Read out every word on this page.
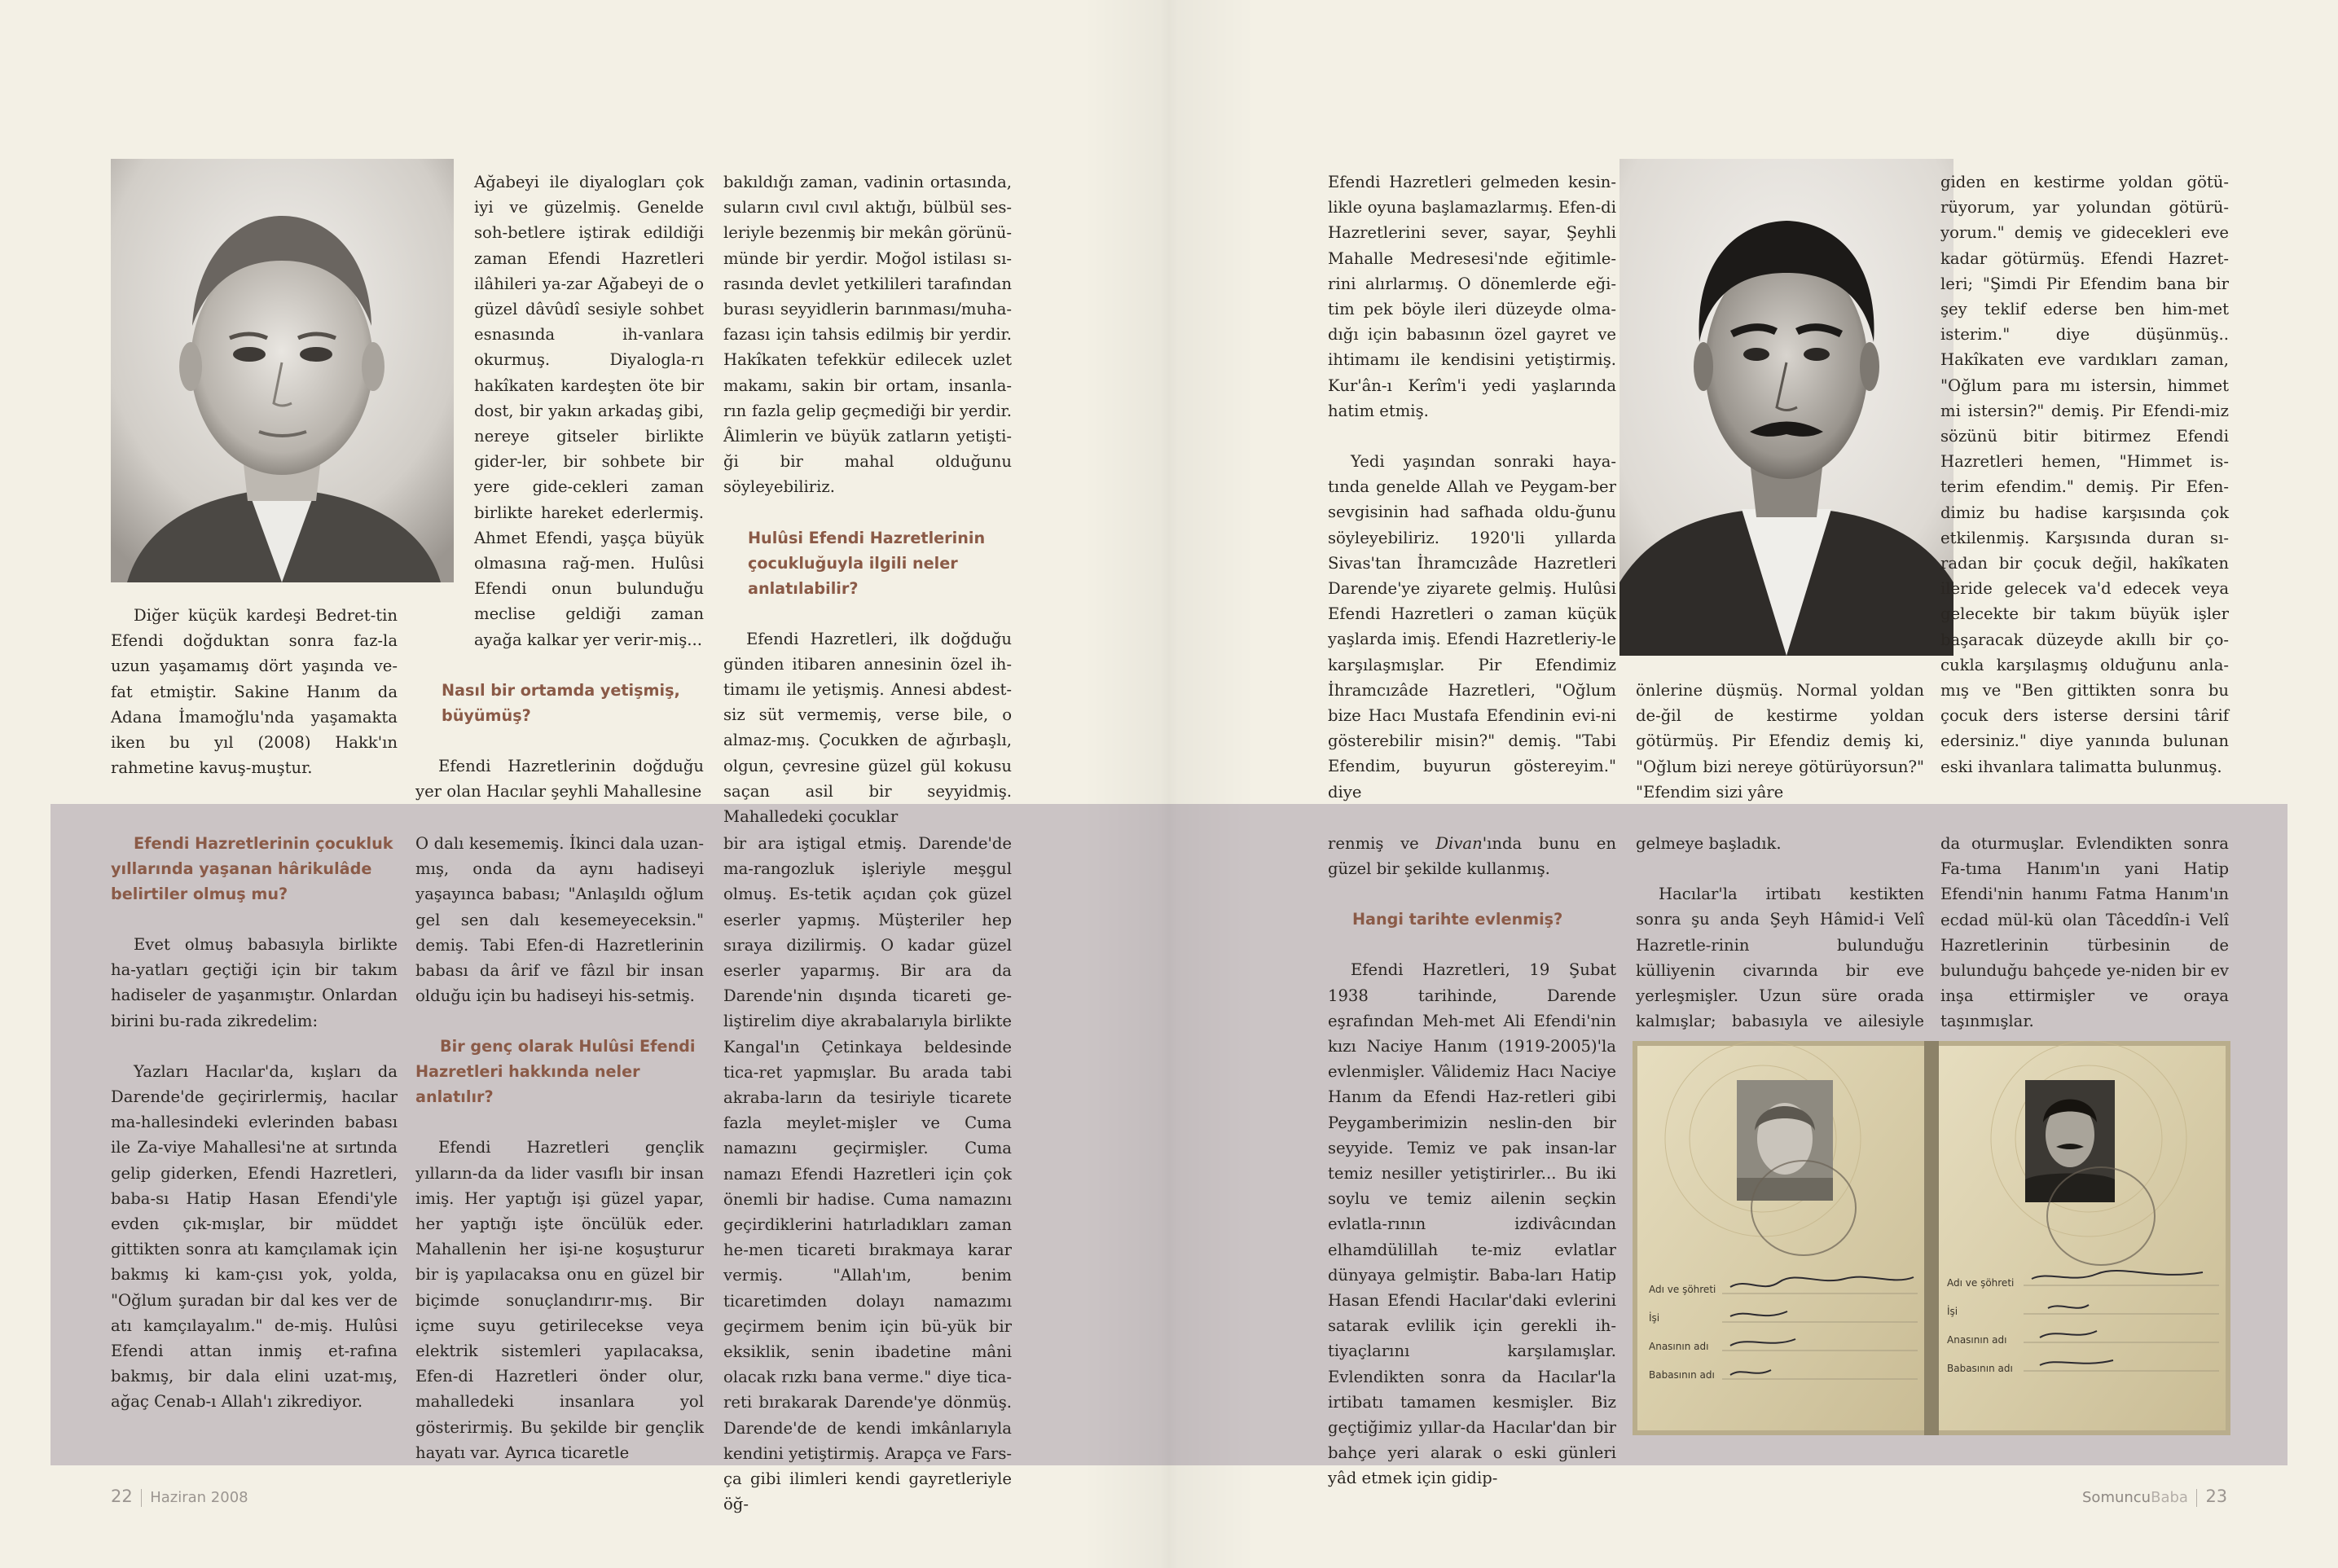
Diğer küçük kardeşi Bedret-tin Efendi doğduktan sonra faz-la uzun yaşamamış dört yaşında ve-fat etmiştir. Sakine Hanım da Adana İmamoğlu'nda yaşamakta iken bu yıl (2008) Hakk'ın rahmetine kavuş-muştur.

Ağabeyi ile diyalogları çok iyi ve güzelmiş. Genelde soh-betlere iştirak edildiği zaman Efendi Hazretleri ilâhileri ya-zar Ağabeyi de o güzel dâvûdî sesiyle sohbet esnasında ih-vanlara okurmuş. Diyalogla-rı hakîkaten kardeşten öte bir dost, bir yakın arkadaş gibi, nereye gitseler birlikte gider-ler, bir sohbete bir yere gide-cekleri zaman birlikte hareket ederlermiş. Ahmet Efendi, yaşça büyük olmasına rağ-men. Hulûsi Efendi onun bulunduğu meclise geldiği zaman ayağa kalkar yer verir-miş...

Nasıl bir ortamda yetişmiş, büyümüş?

Efendi Hazretlerinin doğduğu yer olan Hacılar şeyhli Mahallesine

bakıldığı zaman, vadinin ortasında, suların cıvıl cıvıl aktığı, bülbül ses-leriyle bezenmiş bir mekân görünü-münde bir yerdir. Moğol istilası sı-rasında devlet yetkilileri tarafından burası seyyidlerin barınması/muha-fazası için tahsis edilmiş bir yerdir. Hakîkaten tefekkür edilecek uzlet makamı, sakin bir ortam, insanla-rın fazla gelip geçmediği bir yerdir. Âlimlerin ve büyük zatların yetişti-ği bir mahal olduğunu söyleyebiliriz.

Hulûsi Efendi Hazretlerinin çocukluğuyla ilgili neler anlatılabilir?

Efendi Hazretleri, ilk doğduğu günden itibaren annesinin özel ih-timamı ile yetişmiş. Annesi abdest-siz süt vermemiş, verse bile, o almaz-mış. Çocukken de ağırbaşlı, olgun, çevresine güzel gül kokusu saçan asil bir seyyidmiş. Mahalledeki çocuklar

Efendi Hazretlerinin çocukluk yıllarında yaşanan hârikulâde belirtiler olmuş mu?

Evet olmuş babasıyla birlikte ha-yatları geçtiği için bir takım hadiseler de yaşanmıştır. Onlardan birini bu-rada zikredelim:

Yazları Hacılar'da, kışları da Darende'de geçirirlermiş, hacılar ma-hallesindeki evlerinden babası ile Za-viye Mahallesi'ne at sırtında gelip giderken, Efendi Hazretleri, baba-sı Hatip Hasan Efendi'yle evden çık-mışlar, bir müddet gittikten sonra atı kamçılamak için bakmış ki kam-çısı yok, yolda, "Oğlum şuradan bir dal kes ver de atı kamçılayalım." de-miş. Hulûsi Efendi attan inmiş et-rafına bakmış, bir dala elini uzat-mış, ağaç Cenab-ı Allah'ı zikrediyor.

O dalı kesememiş. İkinci dala uzan-mış, onda da aynı hadiseyi yaşayınca babası; "Anlaşıldı oğlum gel sen dalı kesemeyeceksin." demiş. Tabi Efen-di Hazretlerinin babası da ârif ve fâzıl bir insan olduğu için bu hadiseyi his-setmiş.

Bir genç olarak Hulûsi Efendi Hazretleri hakkında neler anlatılır?

Efendi Hazretleri gençlik yılların-da da lider vasıflı bir insan imiş. Her yaptığı işi güzel yapar, her yaptığı işte öncülük eder. Mahallenin her işi-ne koşuşturur bir iş yapılacaksa onu en güzel bir biçimde sonuçlandırır-mış. Bir içme suyu getirilecekse veya elektrik sistemleri yapılacaksa, Efen-di Hazretleri önder olur, mahalledeki insanlara yol gösterirmiş. Bu şekilde bir gençlik hayatı var. Ayrıca ticaretle

bir ara iştigal etmiş. Darende'de ma-rangozluk işleriyle meşgul olmuş. Es-tetik açıdan çok güzel eserler yapmış. Müşteriler hep sıraya dizilirmiş. O kadar güzel eserler yaparmış. Bir ara da Darende'nin dışında ticareti ge-liştirelim diye akrabalarıyla birlikte Kangal'ın Çetinkaya beldesinde tica-ret yapmışlar. Bu arada tabi akraba-ların da tesiriyle ticarete fazla meylet-mişler ve Cuma namazını geçirmişler. Cuma namazı Efendi Hazretleri için çok önemli bir hadise. Cuma namazını geçirdiklerini hatırladıkları zaman he-men ticareti bırakmaya karar vermiş. "Allah'ım, benim ticaretimden dolayı namazımı geçirmem benim için bü-yük bir eksiklik, senin ibadetine mâni olacak rızkı bana verme." diye tica-reti bırakarak Darende'ye dönmüş. Darende'de de kendi imkânlarıyla kendini yetiştirmiş. Arapça ve Fars-ça gibi ilimleri kendi gayretleriyle öğ-

Efendi Hazretleri gelmeden kesin-likle oyuna başlamazlarmış. Efen-di Hazretlerini sever, sayar, Şeyhli Mahalle Medresesi'nde eğitimle-rini alırlarmış. O dönemlerde eği-tim pek böyle ileri düzeyde olma-dığı için babasının özel gayret ve ihtimamı ile kendisini yetiştirmiş. Kur'ân-ı Kerîm'i yedi yaşlarında hatim etmiş.

Yedi yaşından sonraki haya-tında genelde Allah ve Peygam-ber sevgisinin had safhada oldu-ğunu söyleyebiliriz. 1920'li yıllarda Sivas'tan İhramcızâde Hazretleri Darende'ye ziyarete gelmiş. Hulûsi Efendi Hazretleri o zaman küçük yaşlarda imiş. Efendi Hazretleriy-le karşılaşmışlar. Pir Efendimiz İhramcızâde Hazretleri, "Oğlum bize Hacı Mustafa Efendinin evi-ni gösterebilir misin?" demiş. "Tabi Efendim, buyurun göstereyim." diye

önlerine düşmüş. Normal yoldan de-ğil de kestirme yoldan götürmüş. Pir Efendiz demiş ki, "Oğlum bizi nereye götürüyorsun?" "Efendim sizi yâre

giden en kestirme yoldan götü-rüyorum, yar yolundan götürü-yorum." demiş ve gidecekleri eve kadar götürmüş. Efendi Hazret-leri; "Şimdi Pir Efendim bana bir şey teklif ederse ben him-met isterim." diye düşünmüş.. Hakîkaten eve vardıkları zaman, "Oğlum para mı istersin, himmet mi istersin?" demiş. Pir Efendi-miz sözünü bitir bitirmez Efendi Hazretleri hemen, "Himmet is-terim efendim." demiş. Pir Efen-dimiz bu hadise karşısında çok etkilenmiş. Karşısında duran sı-radan bir çocuk değil, hakîkaten ileride gelecek va'd edecek veya gelecekte bir takım büyük işler başaracak düzeyde akıllı bir ço-cukla karşılaşmış olduğunu anla-mış ve "Ben gittikten sonra bu çocuk ders isterse dersini târif edersiniz." diye yanında bulunan eski ihvanlara talimatta bulunmuş.

renmiş ve Divan'ında bunu en güzel bir şekilde kullanmış.

Hangi tarihte evlenmiş?

Efendi Hazretleri, 19 Şubat 1938 tarihinde, Darende eşrafından Meh-met Ali Efendi'nin kızı Naciye Hanım (1919-2005)'la evlenmişler. Vâlidemiz Hacı Naciye Hanım da Efendi Haz-retleri gibi Peygamberimizin neslin-den bir seyyide. Temiz ve pak insan-lar temiz nesiller yetiştirirler... Bu iki soylu ve temiz ailenin seçkin evlatla-rının izdivâcından elhamdülillah te-miz evlatlar dünyaya gelmiştir. Baba-ları Hatip Hasan Efendi Hacılar'daki evlerini satarak evlilik için gerekli ih-tiyaçlarını karşılamışlar. Evlendikten sonra da Hacılar'la irtibatı tamamen kesmişler. Biz geçtiğimiz yıllar-da Hacılar'dan bir bahçe yeri alarak o eski günleri yâd etmek için gidip-

gelmeye başladık.

Hacılar'la irtibatı kestikten sonra şu anda Şeyh Hâmid-i Velî Hazretle-rinin bulunduğu külliyenin civarında bir eve yerleşmişler. Uzun süre orada kalmışlar; babasıyla ve ailesiyle

da oturmuşlar. Evlendikten sonra Fa-tıma Hanım'ın yani Hatip Efendi'nin hanımı Fatma Hanım'ın ecdad mül-kü olan Tâceddîn-i Velî Hazretlerinin türbesinin de bulunduğu bahçede ye-niden bir ev inşa ettirmişler ve oraya taşınmışlar.

Adı ve şöhreti
İşi
Anasının adı
Babasının adı
Adı ve şöhreti
İşi
Anasının adı
Babasının adı
22 Haziran 2008	SomuncuBaba 23
